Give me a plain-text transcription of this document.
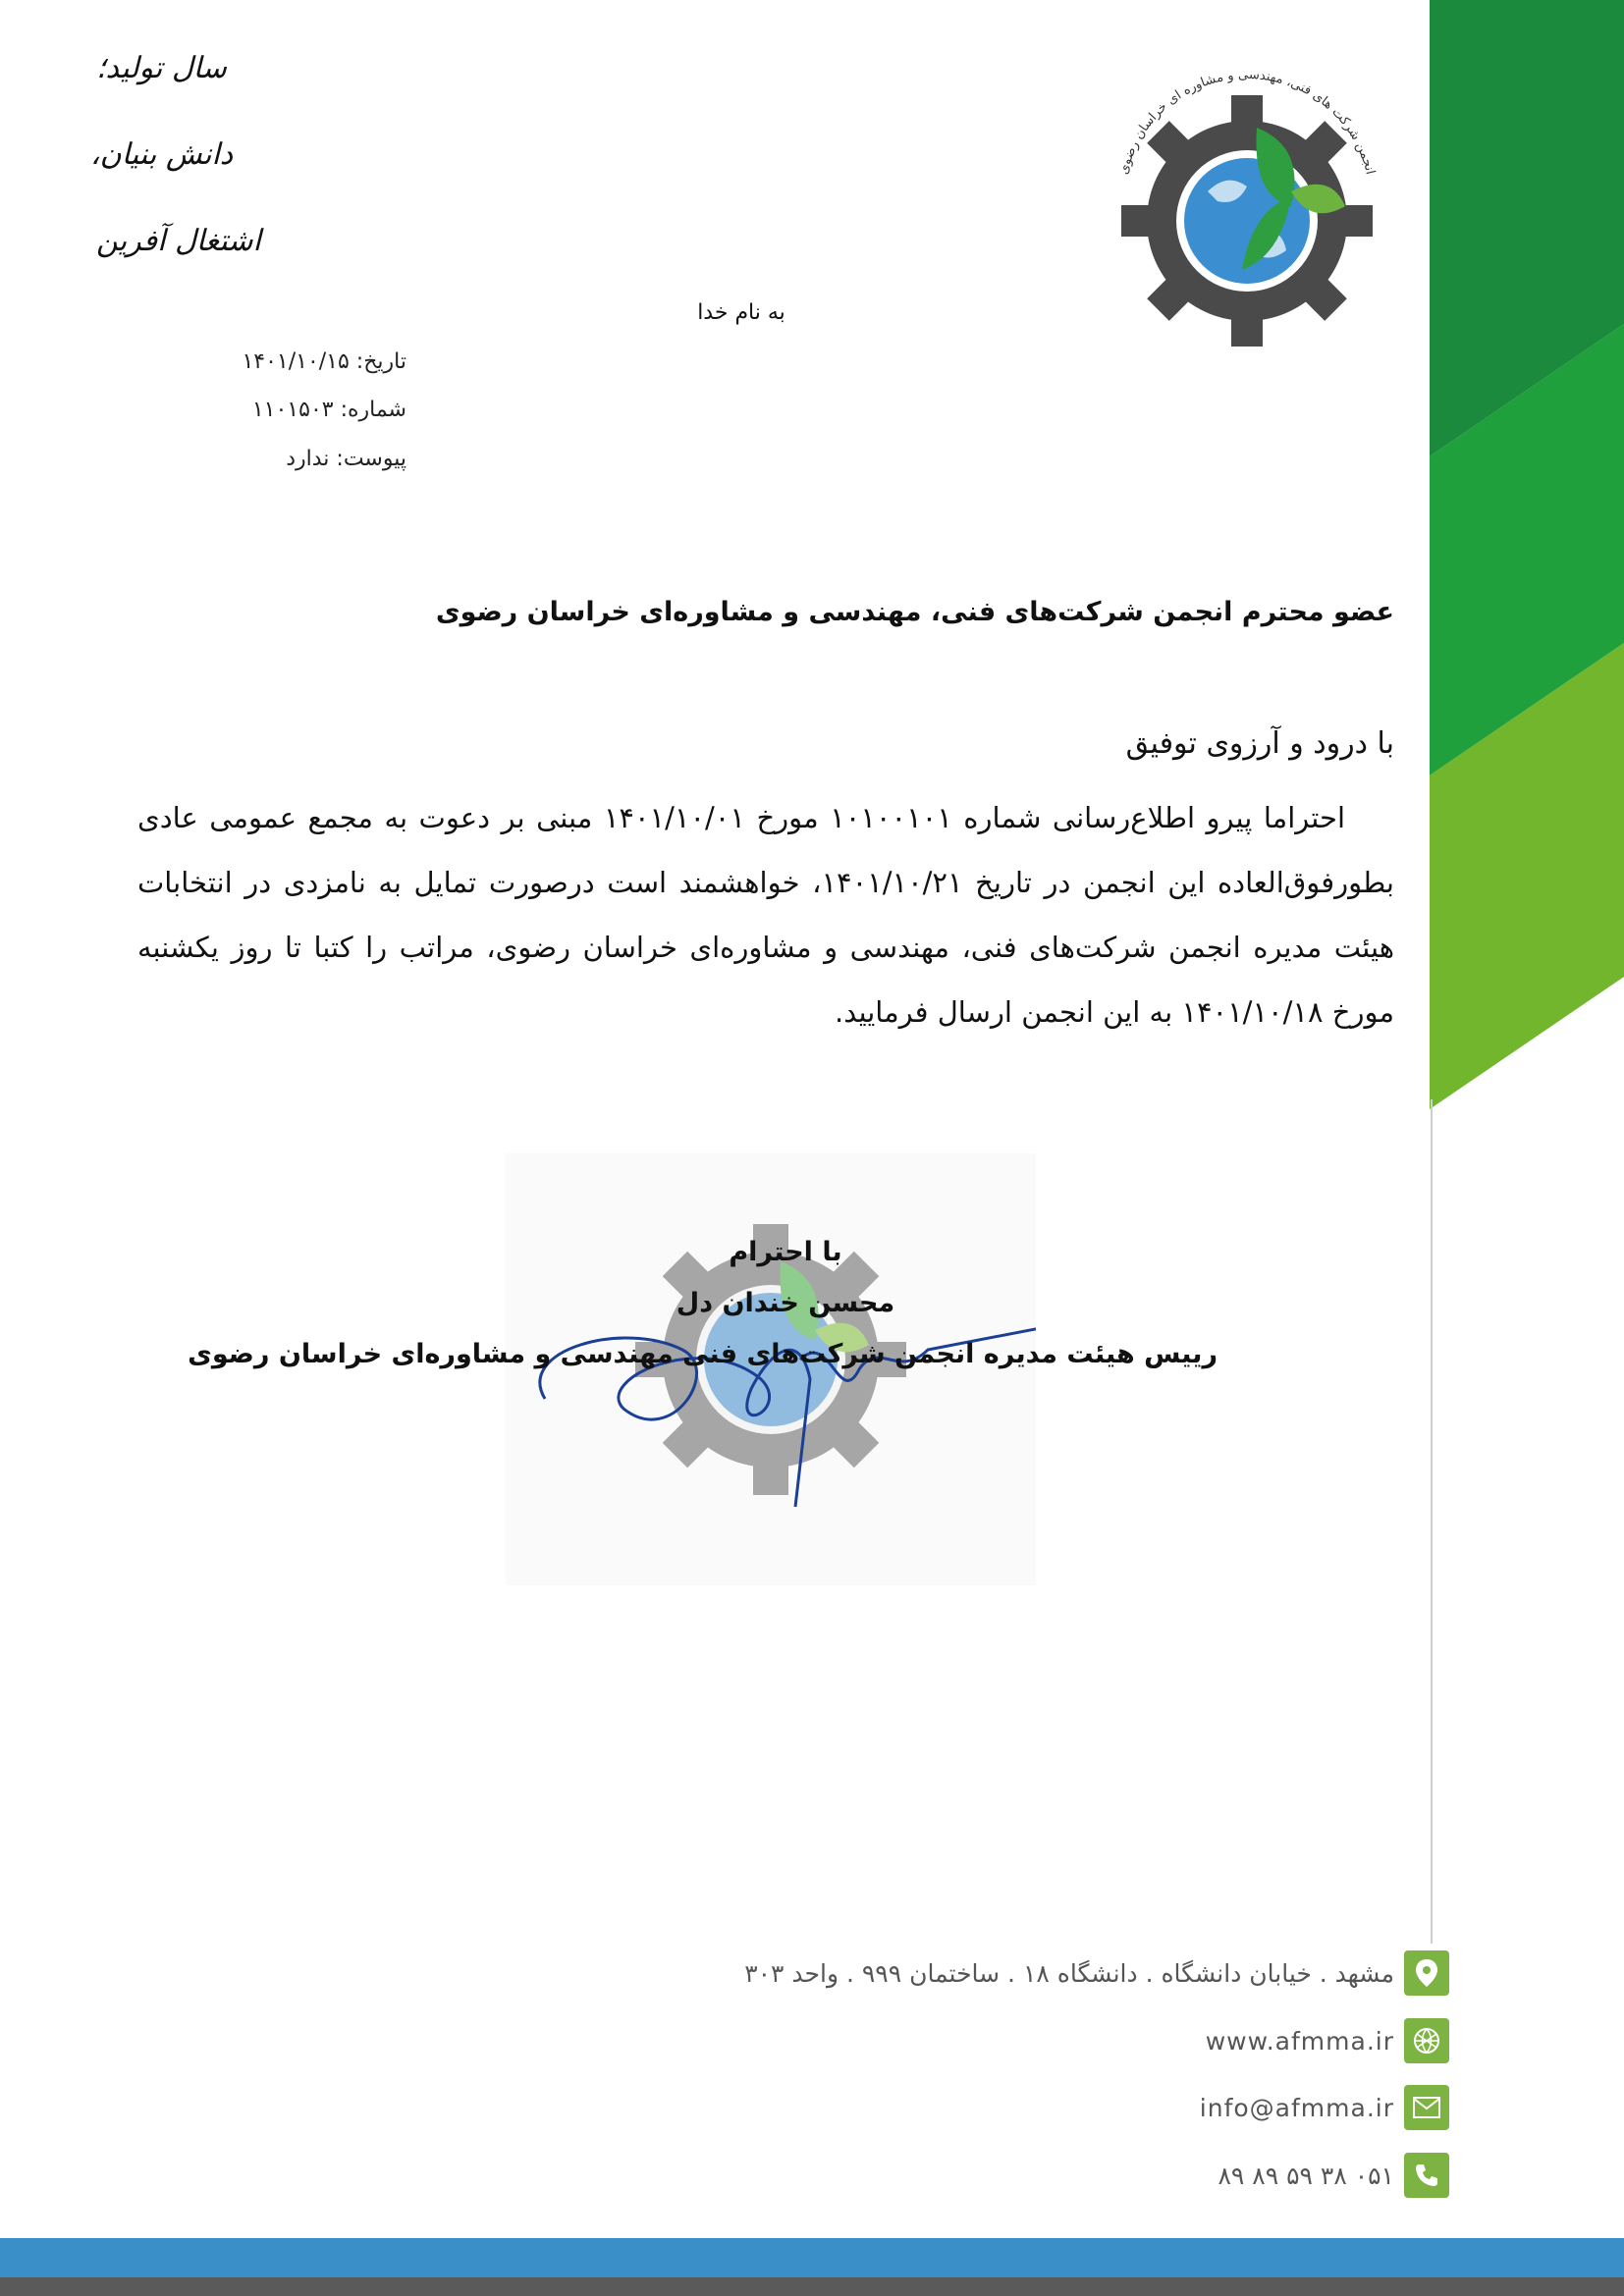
سال تولید؛
دانش بنیان،
اشتغال آفرین
انجمن شرکت های فنی، مهندسی و مشاوره ای خراسان رضوی
به نام خدا
تاریخ: ۱۴۰۱/۱۰/۱۵
شماره: ۱۱۰۱۵۰۳
پیوست: ندارد
عضو محترم انجمن شرکت‌های فنی، مهندسی و مشاوره‌ای خراسان رضوی
با درود و آرزوی توفیق
احتراما پیرو اطلاع‌رسانی شماره ۱۰۱۰۰۱۰۱ مورخ ۱۴۰۱/۱۰/۰۱ مبنی بر دعوت به مجمع عمومی عادی بطورفوق‌العاده این انجمن در تاریخ ۱۴۰۱/۱۰/۲۱، خواهشمند است درصورت تمایل به نامزدی در انتخابات هیئت مدیره انجمن شرکت‌های فنی، مهندسی و مشاوره‌ای خراسان رضوی، مراتب را کتبا تا روز یکشنبه مورخ ۱۴۰۱/۱۰/۱۸ به این انجمن ارسال فرمایید.
با احترام
محسن خندان دل
رییس هیئت مدیره انجمن شرکت‌های فنی مهندسی و مشاوره‌ای خراسان رضوی
مشهد . خیابان دانشگاه . دانشگاه ۱۸ . ساختمان ۹۹۹ . واحد ۳۰۳
www.afmma.ir
info@afmma.ir
۰۵۱ ۳۸ ۵۹ ۸۹ ۸۹
